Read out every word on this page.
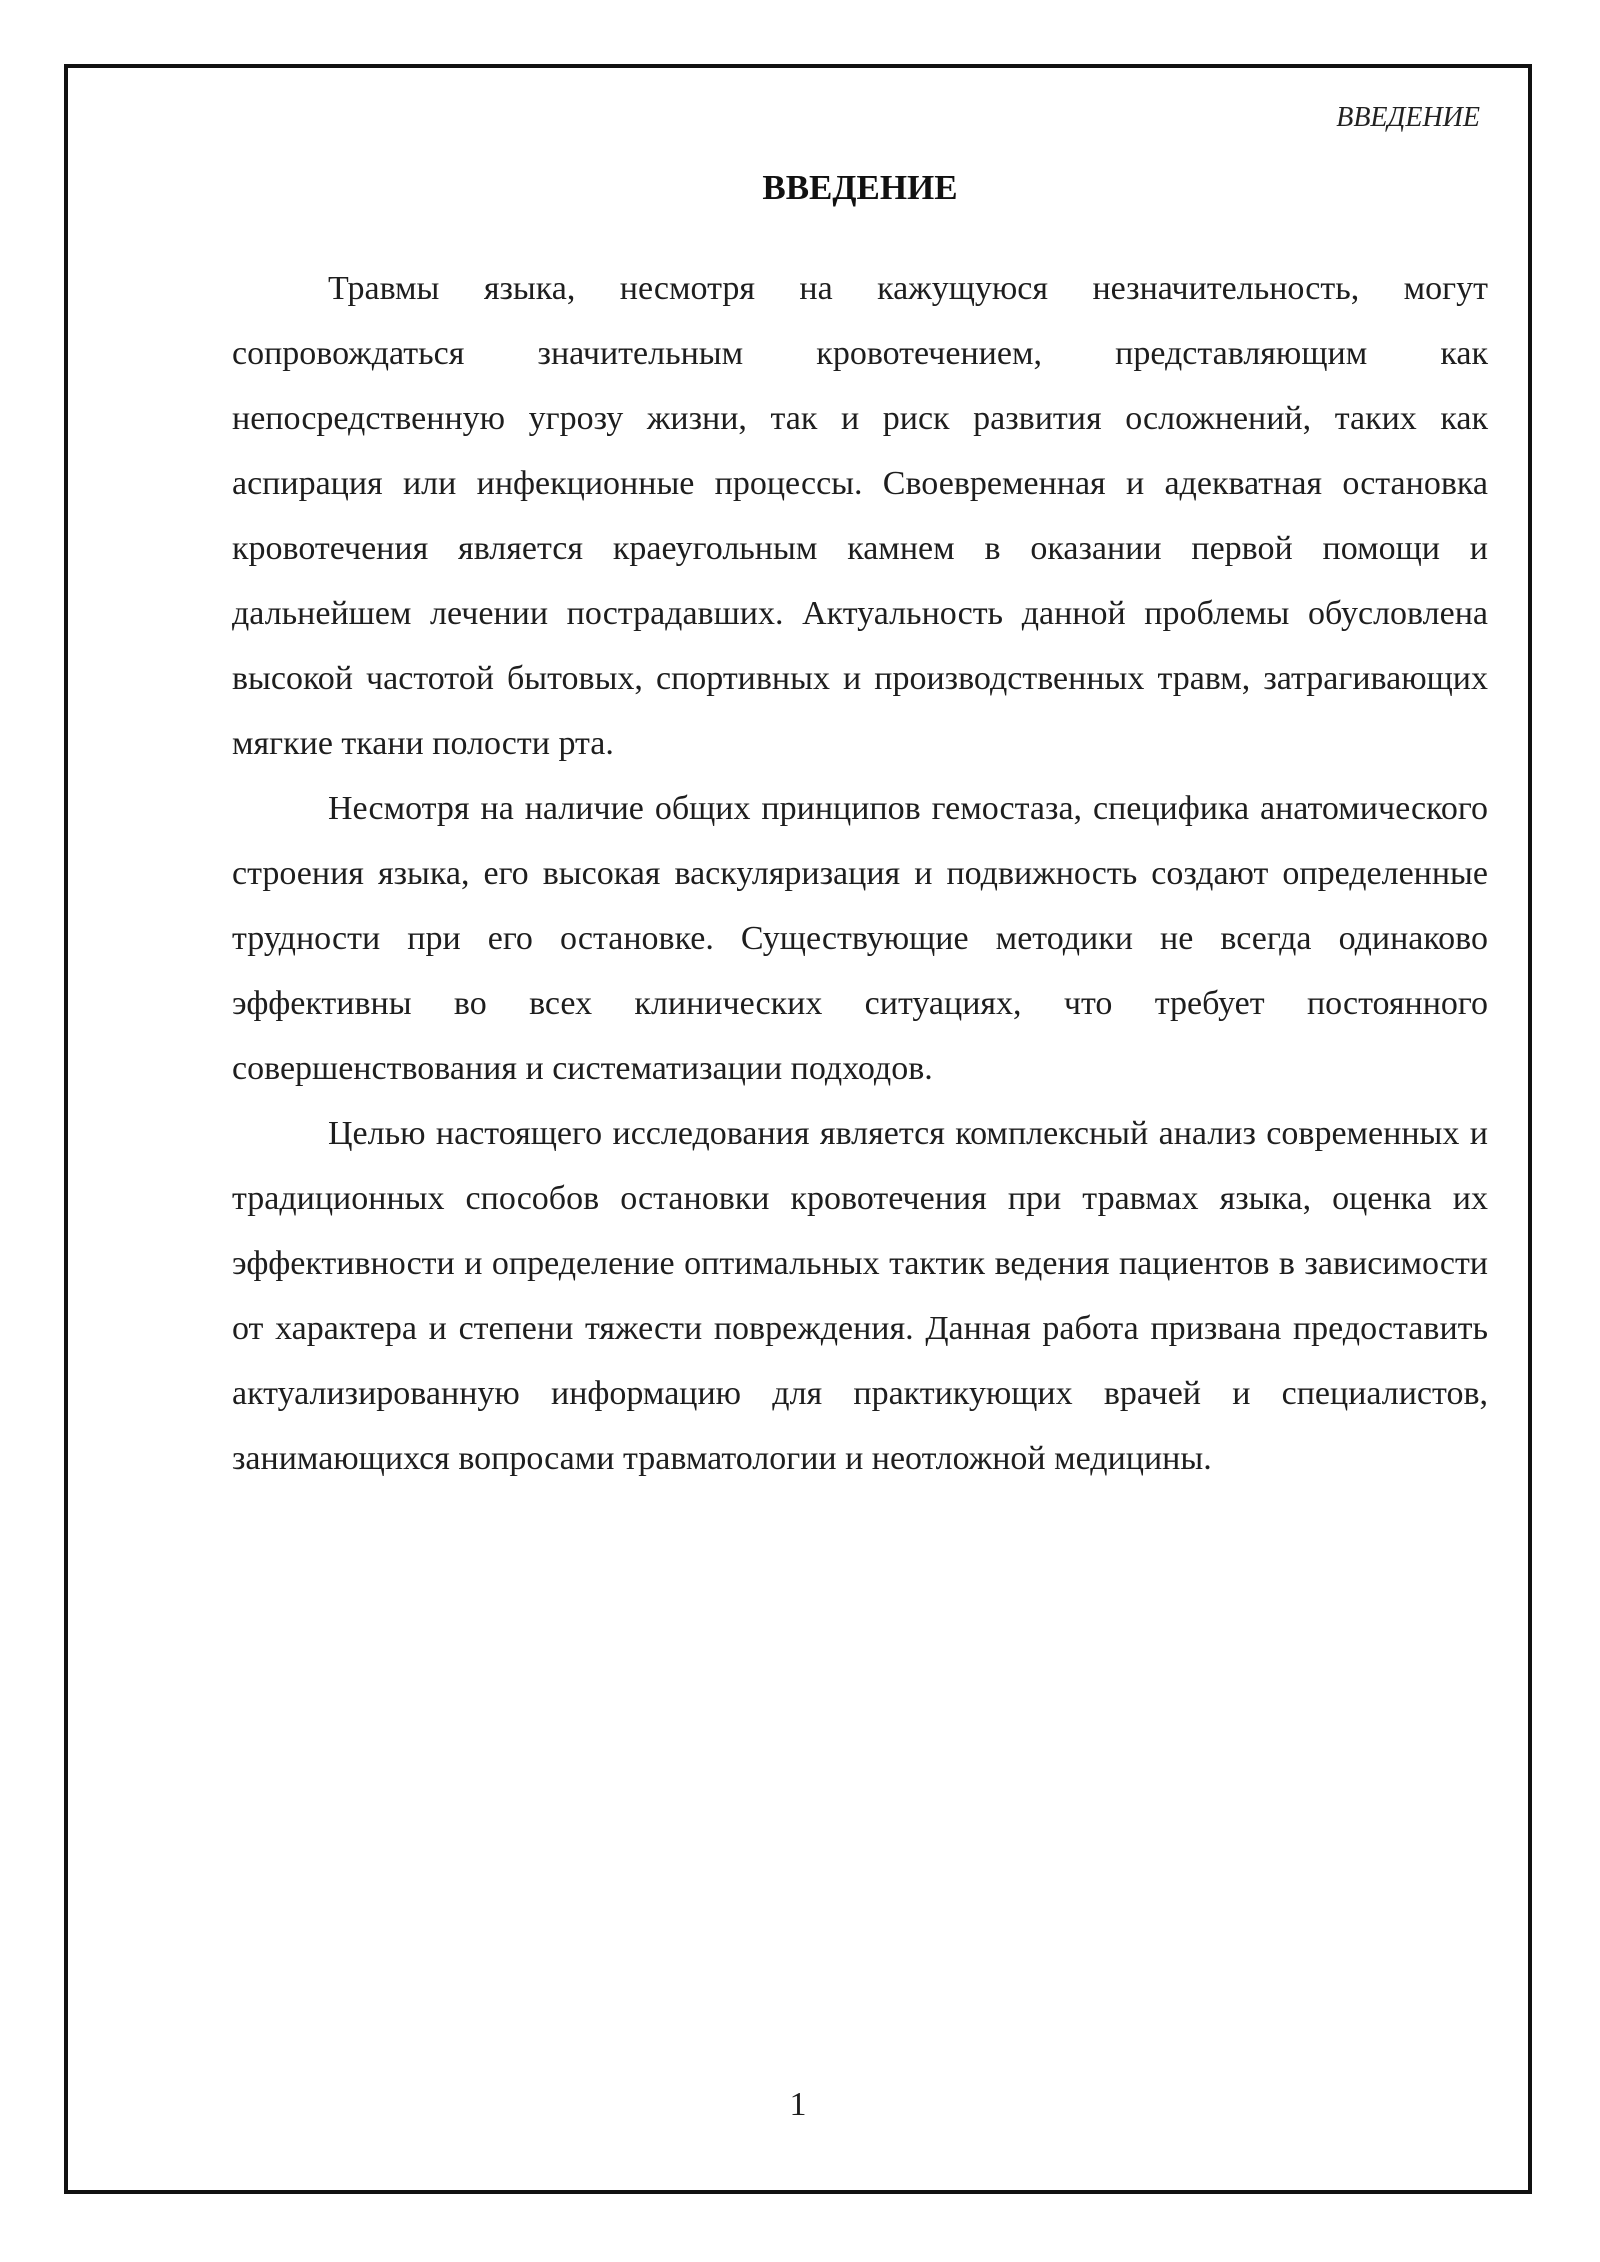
ВВЕДЕНИЕ

ВВЕДЕНИЕ

Травмы языка, несмотря на кажущуюся незначительность, могут сопровождаться значительным кровотечением, представляющим как непосредственную угрозу жизни, так и риск развития осложнений, таких как аспирация или инфекционные процессы. Своевременная и адекватная остановка кровотечения является краеугольным камнем в оказании первой помощи и дальнейшем лечении пострадавших. Актуальность данной проблемы обусловлена высокой частотой бытовых, спортивных и производственных травм, затрагивающих мягкие ткани полости рта.

Несмотря на наличие общих принципов гемостаза, специфика анатомического строения языка, его высокая васкуляризация и подвижность создают определенные трудности при его остановке. Существующие методики не всегда одинаково эффективны во всех клинических ситуациях, что требует постоянного совершенствования и систематизации подходов.

Целью настоящего исследования является комплексный анализ современных и традиционных способов остановки кровотечения при травмах языка, оценка их эффективности и определение оптимальных тактик ведения пациентов в зависимости от характера и степени тяжести повреждения. Данная работа призвана предоставить актуализированную информацию для практикующих врачей и специалистов, занимающихся вопросами травматологии и неотложной медицины.

1
